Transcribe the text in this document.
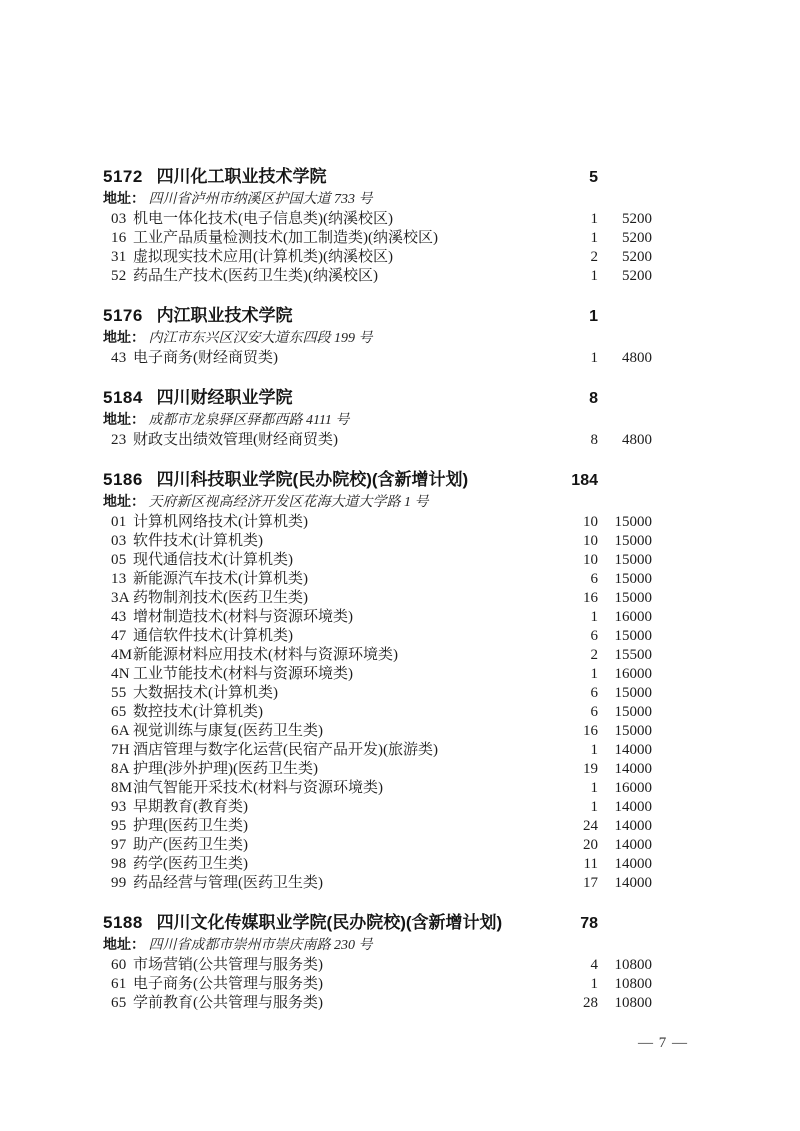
5172 四川化工职业技术学院	5
地址： 四川省泸州市纳溪区护国大道 733 号
03 机电一体化技术(电子信息类)(纳溪校区)	1	5200
16 工业产品质量检测技术(加工制造类)(纳溪校区)	1	5200
31 虚拟现实技术应用(计算机类)(纳溪校区)	2	5200
52 药品生产技术(医药卫生类)(纳溪校区)	1	5200
5176 内江职业技术学院	1
地址： 内江市东兴区汉安大道东四段 199 号
43 电子商务(财经商贸类)	1	4800
5184 四川财经职业学院	8
地址： 成都市龙泉驿区驿都西路 4111 号
23 财政支出绩效管理(财经商贸类)	8	4800
5186 四川科技职业学院(民办院校)(含新增计划)	184
地址： 天府新区视高经济开发区花海大道大学路 1 号
01 计算机网络技术(计算机类)	10	15000
03 软件技术(计算机类)	10	15000
05 现代通信技术(计算机类)	10	15000
13 新能源汽车技术(计算机类)	6	15000
3A 药物制剂技术(医药卫生类)	16	15000
43 增材制造技术(材料与资源环境类)	1	16000
47 通信软件技术(计算机类)	6	15000
4M 新能源材料应用技术(材料与资源环境类)	2	15500
4N 工业节能技术(材料与资源环境类)	1	16000
55 大数据技术(计算机类)	6	15000
65 数控技术(计算机类)	6	15000
6A 视觉训练与康复(医药卫生类)	16	15000
7H 酒店管理与数字化运营(民宿产品开发)(旅游类)	1	14000
8A 护理(涉外护理)(医药卫生类)	19	14000
8M 油气智能开采技术(材料与资源环境类)	1	16000
93 早期教育(教育类)	1	14000
95 护理(医药卫生类)	24	14000
97 助产(医药卫生类)	20	14000
98 药学(医药卫生类)	11	14000
99 药品经营与管理(医药卫生类)	17	14000
5188 四川文化传媒职业学院(民办院校)(含新增计划)	78
地址： 四川省成都市崇州市崇庆南路 230 号
60 市场营销(公共管理与服务类)	4	10800
61 电子商务(公共管理与服务类)	1	10800
65 学前教育(公共管理与服务类)	28	10800
— 7 —
